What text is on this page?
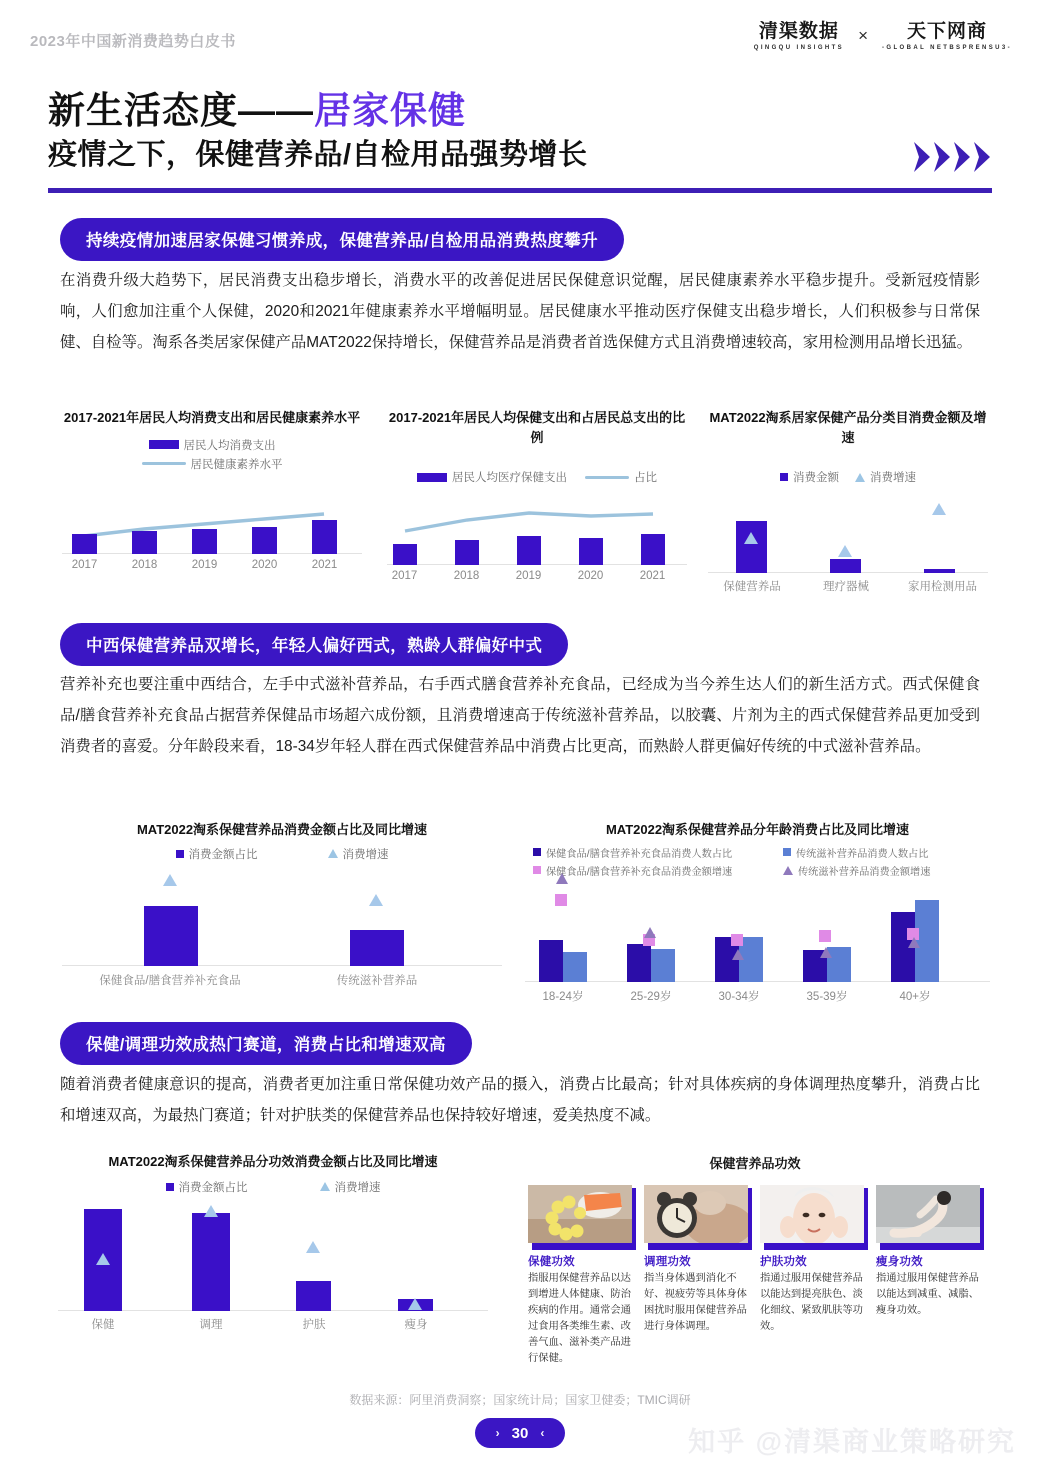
2023年中国新消费趋势白皮书	清渠数据
QINGQU INSIGHTS
×	天下网商
-GLOBAL NETBSPRENSU3-
新生活态度——居家保健
疫情之下，保健营养品/自检用品强势增长
持续疫情加速居家保健习惯养成，保健营养品/自检用品消费热度攀升
在消费升级大趋势下，居民消费支出稳步增长，消费水平的改善促进居民保健意识觉醒，居民健康素养水平稳步提升。受新冠疫情影响，人们愈加注重个人保健，2020和2021年健康素养水平增幅明显。居民健康水平推动医疗保健支出稳步增长，人们积极参与日常保健、自检等。淘系各类居家保健产品MAT2022保持增长，保健营养品是消费者首选保健方式且消费增速较高，家用检测用品增长迅猛。
2017-2021年居民人均消费支出和居民健康素养水平
居民人均消费支出
居民健康素养水平
2017	2018	2019	2020	2021
2017-2021年居民人均保健支出和占居民总支出的比例
居民人均医疗保健支出	占比
2017	2018	2019	2020	2021
MAT2022淘系居家保健产品分类目消费金额及增速
消费金额	消费增速
保健营养品	理疗器械	家用检测用品
中西保健营养品双增长，年轻人偏好西式，熟龄人群偏好中式
营养补充也要注重中西结合，左手中式滋补营养品，右手西式膳食营养补充食品，已经成为当今养生达人们的新生活方式。西式保健食品/膳食营养补充食品占据营养保健品市场超六成份额，且消费增速高于传统滋补营养品，以胶囊、片剂为主的西式保健营养品更加受到消费者的喜爱。分年龄段来看，18-34岁年轻人群在西式保健营养品中消费占比更高，而熟龄人群更偏好传统的中式滋补营养品。
MAT2022淘系保健营养品消费金额占比及同比增速
消费金额占比	消费增速
保健食品/膳食营养补充食品	传统滋补营养品
MAT2022淘系保健营养品分年龄消费占比及同比增速
保健食品/膳食营养补充食品消费人数占比	传统滋补营养品消费人数占比
保健食品/膳食营养补充食品消费金额增速	传统滋补营养品消费金额增速
18-24岁	25-29岁	30-34岁	35-39岁	40+岁
保健/调理功效成热门赛道，消费占比和增速双高
随着消费者健康意识的提高，消费者更加注重日常保健功效产品的摄入，消费占比最高；针对具体疾病的身体调理热度攀升，消费占比和增速双高，为最热门赛道；针对护肤类的保健营养品也保持较好增速，爱美热度不减。
MAT2022淘系保健营养品分功效消费金额占比及同比增速
消费金额占比	消费增速
保健	调理	护肤	瘦身
保健营养品功效
保健功效
指服用保健营养品以达到增进人体健康、防治疾病的作用。通常会通过食用各类维生素、改善气血、滋补类产品进行保健。
调理功效
指当身体遇到消化不好、视疲劳等具体身体困扰时服用保健营养品进行身体调理。
护肤功效
指通过服用保健营养品以能达到提亮肤色、淡化细纹、紧致肌肤等功效。
瘦身功效
指通过服用保健营养品以能达到减重、减脂、瘦身功效。
数据来源：阿里消费洞察；国家统计局；国家卫健委；TMIC调研
› 30 ‹	知乎 @清渠商业策略研究
